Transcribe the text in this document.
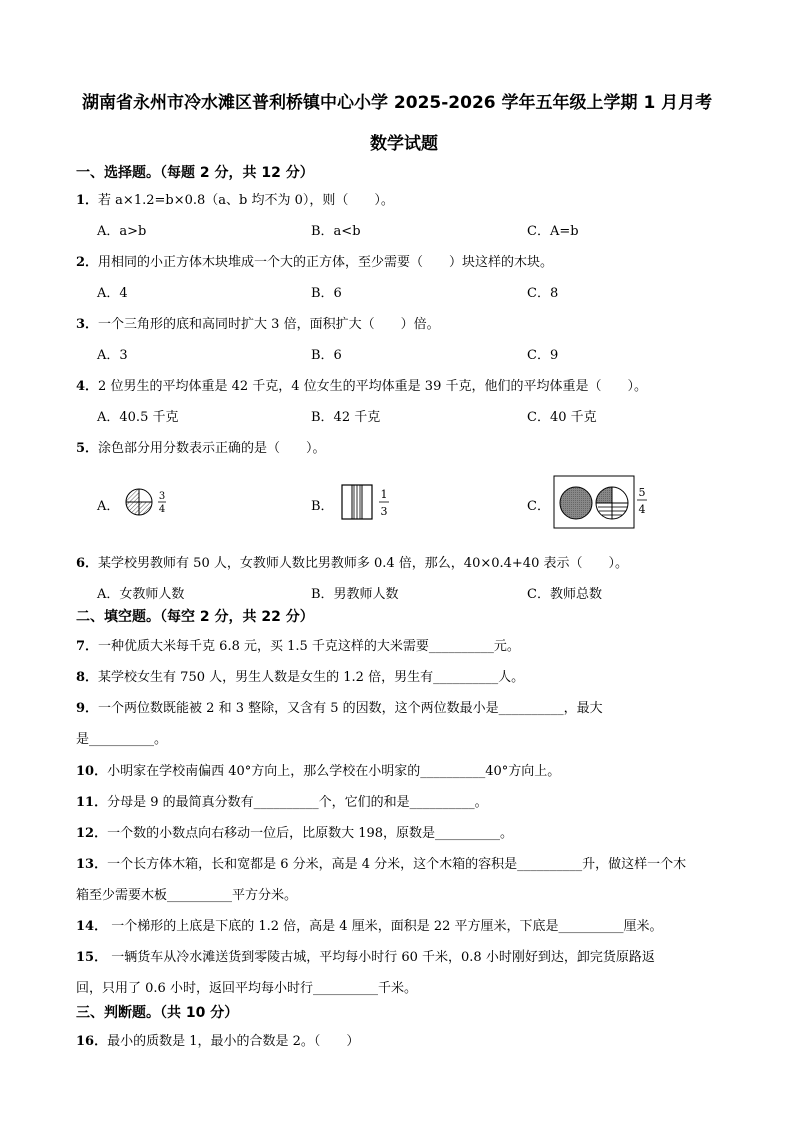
湖南省永州市冷水滩区普利桥镇中心小学 2025-2026 学年五年级上学期 1 月月考
数学试题
一、选择题。（每题 2 分，共 12 分）
1．若 a×1.2=b×0.8（a、b 均不为 0），则（　　）。
A．a>b	B．a<b	C．A=b
2．用相同的小正方体木块堆成一个大的正方体，至少需要（　　）块这样的木块。
A．4	B．6	C．8
3．一个三角形的底和高同时扩大 3 倍，面积扩大（　　）倍。
A．3	B．6	C．9
4．2 位男生的平均体重是 42 千克，4 位女生的平均体重是 39 千克，他们的平均体重是（　　）。
A．40.5 千克	B．42 千克	C．40 千克
5．涂色部分用分数表示正确的是（　　）。
A．	B．	C．
3
4
1
3
5
4
6．某学校男教师有 50 人，女教师人数比男教师多 0.4 倍，那么，40×0.4+40 表示（　　）。
A．女教师人数	B．男教师人数	C．教师总数
二、填空题。（每空 2 分，共 22 分）
7．一种优质大米每千克 6.8 元，买 1.5 千克这样的大米需要__________元。
8．某学校女生有 750 人，男生人数是女生的 1.2 倍，男生有__________人。
9．一个两位数既能被 2 和 3 整除，又含有 5 的因数，这个两位数最小是__________，最大
是__________。
10．小明家在学校南偏西 40°方向上，那么学校在小明家的__________40°方向上。
11．分母是 9 的最简真分数有__________个，它们的和是__________。
12．一个数的小数点向右移动一位后，比原数大 198，原数是__________。
13．一个长方体木箱，长和宽都是 6 分米，高是 4 分米，这个木箱的容积是__________升，做这样一个木
箱至少需要木板__________平方分米。
14． 一个梯形的上底是下底的 1.2 倍，高是 4 厘米，面积是 22 平方厘米，下底是__________厘米。
15． 一辆货车从冷水滩送货到零陵古城，平均每小时行 60 千米，0.8 小时刚好到达，卸完货原路返
回，只用了 0.6 小时，返回平均每小时行__________千米。
三、判断题。（共 10 分）
16．最小的质数是 1，最小的合数是 2。（　　）
